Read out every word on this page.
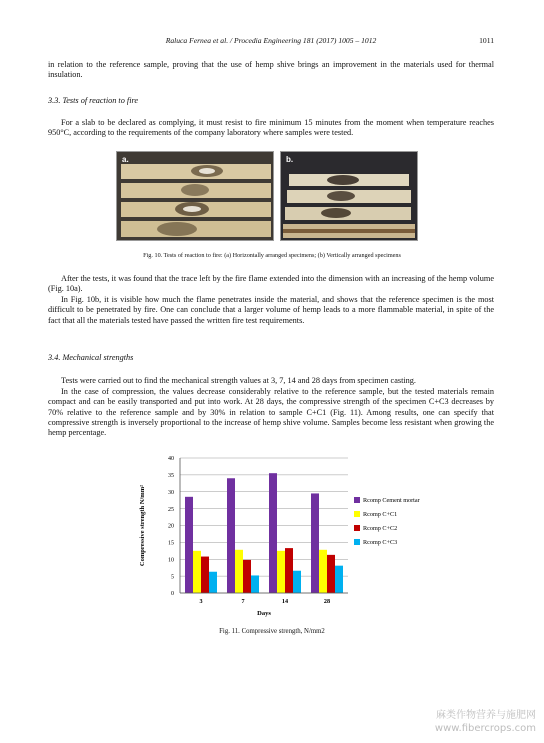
Raluca Fernea et al. / Procedia Engineering 181 (2017) 1005 – 1012	1011
in relation to the reference sample, proving that the use of hemp shive brings an improvement in the materials used for thermal insulation.
3.3. Tests of reaction to fire
For a slab to be declared as complying, it must resist to fire minimum 15 minutes from the moment when temperature reaches 950°C, according to the requirements of the company laboratory where samples were tested.
a.	b.
Fig. 10. Tests of reaction to fire: (a) Horizontally arranged specimens; (b) Vertically arranged specimens
After the tests, it was found that the trace left by the fire flame extended into the dimension with an increasing of the hemp volume (Fig. 10a).
In Fig. 10b, it is visible how much the flame penetrates inside the material, and shows that the reference specimen is the most difficult to be penetrated by fire. One can conclude that a larger volume of hemp leads to a more flammable material, in spite of the fact that all the materials tested have passed the written fire test requirements.
3.4. Mechanical strengths
Tests were carried out to find the mechanical strength values at 3, 7, 14 and 28 days from specimen casting.
In the case of compression, the values decrease considerably relative to the reference sample, but the tested materials remain compact and can be easily transported and put into work. At 28 days, the compressive strength of the specimen C+C3 decreases by 70% relative to the reference sample and by 30% in relation to sample C+C1 (Fig. 11). Among results, one can specify that compressive strength is inversely proportional to the increase of hemp shive volume. Samples become less resistant when growing the hemp percentage.
0
5
10
15
20
25
30
35
40
3	7	14	28
Compressive strength N/mm²
Days
Rcomp Cement mortar
Rcomp C+C1
Rcomp C+C2
Rcomp C+C3
Fig. 11. Compressive strength, N/mm2
麻类作物营养与施肥网
www.fibercrops.com
